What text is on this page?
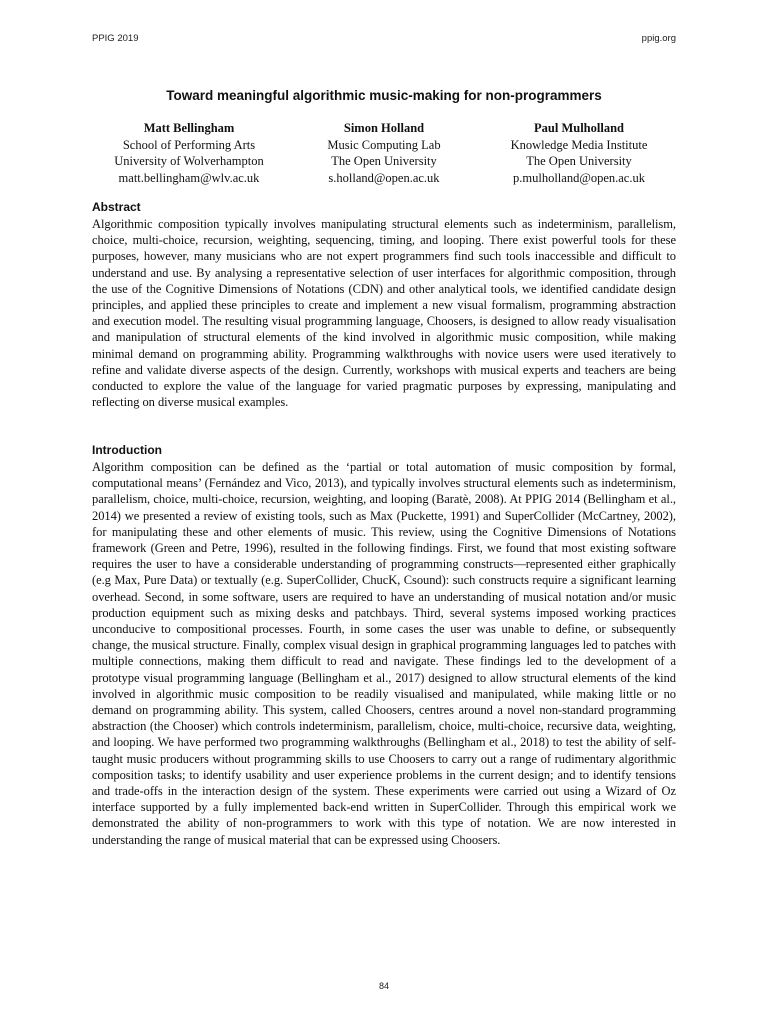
PPIG 2019	ppig.org
Toward meaningful algorithmic music-making for non-programmers
Matt Bellingham
School of Performing Arts
University of Wolverhampton
matt.bellingham@wlv.ac.uk
Simon Holland
Music Computing Lab
The Open University
s.holland@open.ac.uk
Paul Mulholland
Knowledge Media Institute
The Open University
p.mulholland@open.ac.uk
Abstract

Algorithmic composition typically involves manipulating structural elements such as indeterminism, parallelism, choice, multi-choice, recursion, weighting, sequencing, timing, and looping. There exist powerful tools for these purposes, however, many musicians who are not expert programmers find such tools inaccessible and difficult to understand and use. By analysing a representative selection of user interfaces for algorithmic composition, through the use of the Cognitive Dimensions of Notations (CDN) and other analytical tools, we identified candidate design principles, and applied these principles to create and implement a new visual formalism, programming abstraction and execution model. The resulting visual programming language, Choosers, is designed to allow ready visualisation and manipulation of structural elements of the kind involved in algorithmic music composition, while making minimal demand on programming ability. Programming walkthroughs with novice users were used iteratively to refine and validate diverse aspects of the design. Currently, workshops with musical experts and teachers are being conducted to explore the value of the language for varied pragmatic purposes by expressing, manipulating and reflecting on diverse musical examples.

Introduction

Algorithm composition can be defined as the ‘partial or total automation of music composition by formal, computational means’ (Fernández and Vico, 2013), and typically involves structural elements such as indeterminism, parallelism, choice, multi-choice, recursion, weighting, and looping (Baratè, 2008). At PPIG 2014 (Bellingham et al., 2014) we presented a review of existing tools, such as Max (Puckette, 1991) and SuperCollider (McCartney, 2002), for manipulating these and other elements of music. This review, using the Cognitive Dimensions of Notations framework (Green and Petre, 1996), resulted in the following findings. First, we found that most existing software requires the user to have a considerable understanding of programming constructs—represented either graphically (e.g Max, Pure Data) or textually (e.g. SuperCollider, ChucK, Csound): such constructs require a significant learning overhead. Second, in some software, users are required to have an understanding of musical notation and/or music production equipment such as mixing desks and patchbays. Third, several systems imposed working practices unconducive to compositional processes. Fourth, in some cases the user was unable to define, or subsequently change, the musical structure. Finally, complex visual design in graphical programming languages led to patches with multiple connections, making them difficult to read and navigate. These findings led to the development of a prototype visual programming language (Bellingham et al., 2017) designed to allow structural elements of the kind involved in algorithmic music composition to be readily visualised and manipulated, while making little or no demand on programming ability. This system, called Choosers, centres around a novel non-standard programming abstraction (the Chooser) which controls indeterminism, parallelism, choice, multi-choice, recursive data, weighting, and looping. We have performed two programming walkthroughs (Bellingham et al., 2018) to test the ability of self-taught music producers without programming skills to use Choosers to carry out a range of rudimentary algorithmic composition tasks; to identify usability and user experience problems in the current design; and to identify tensions and trade-offs in the interaction design of the system. These experiments were carried out using a Wizard of Oz interface supported by a fully implemented back-end written in SuperCollider. Through this empirical work we demonstrated the ability of non-programmers to work with this type of notation. We are now interested in understanding the range of musical material that can be expressed using Choosers.

84
